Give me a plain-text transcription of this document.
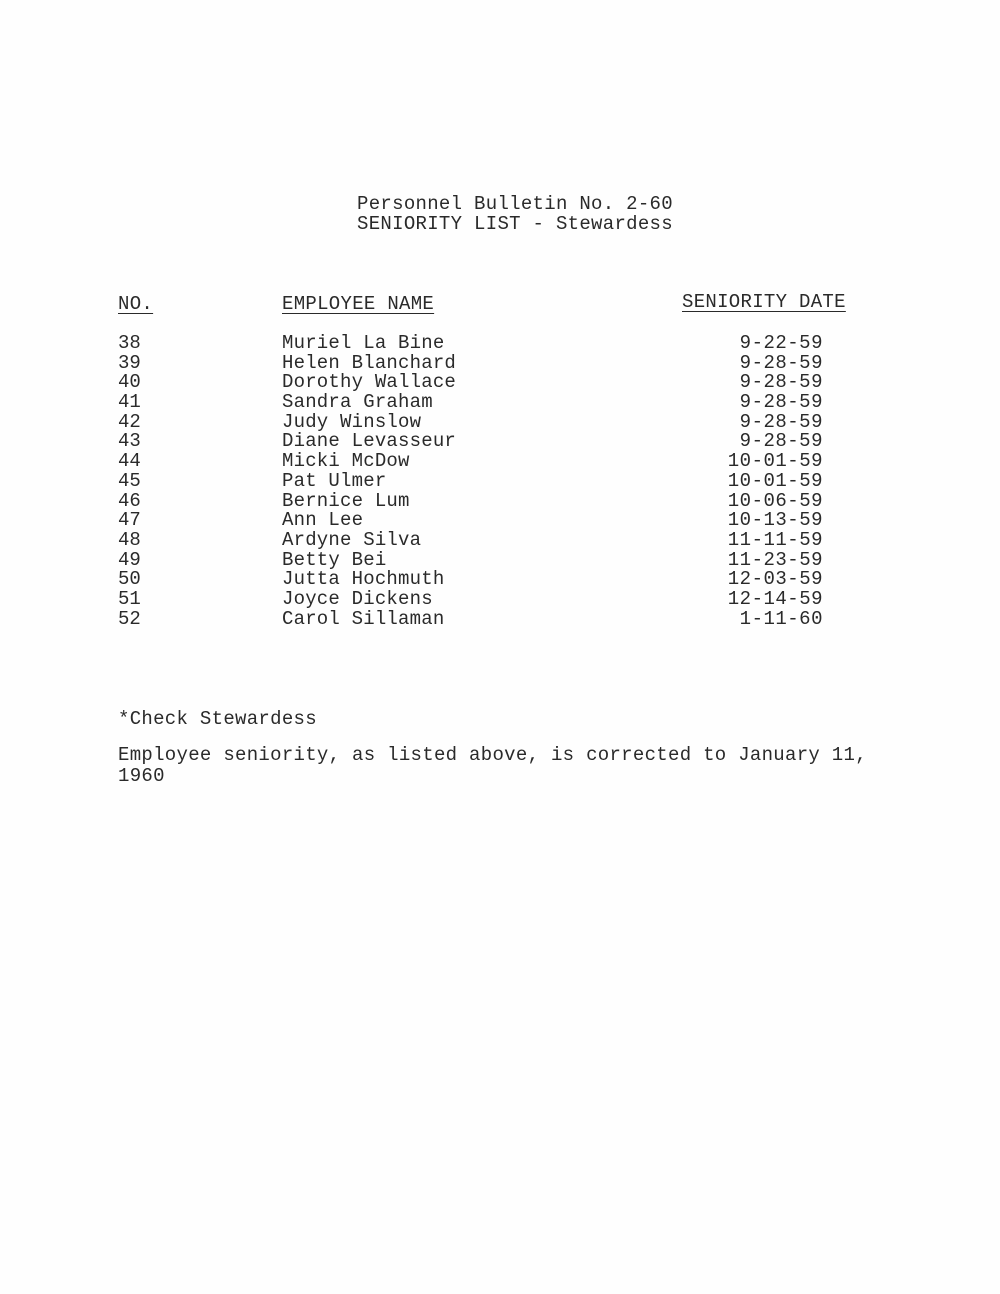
Personnel Bulletin No. 2-60
SENIORITY LIST - Stewardess
NO.	EMPLOYEE NAME	SENIORITY DATE
38	Muriel La Bine	9-22-59
39	Helen Blanchard	9-28-59
40	Dorothy Wallace	9-28-59
41	Sandra Graham	9-28-59
42	Judy Winslow	9-28-59
43	Diane Levasseur	9-28-59
44	Micki McDow	10-01-59
45	Pat Ulmer	10-01-59
46	Bernice Lum	10-06-59
47	Ann Lee	10-13-59
48	Ardyne Silva	11-11-59
49	Betty Bei	11-23-59
50	Jutta Hochmuth	12-03-59
51	Joyce Dickens	12-14-59
52	Carol Sillaman	1-11-60
*Check Stewardess
Employee seniority, as listed above, is corrected to January 11, 1960
